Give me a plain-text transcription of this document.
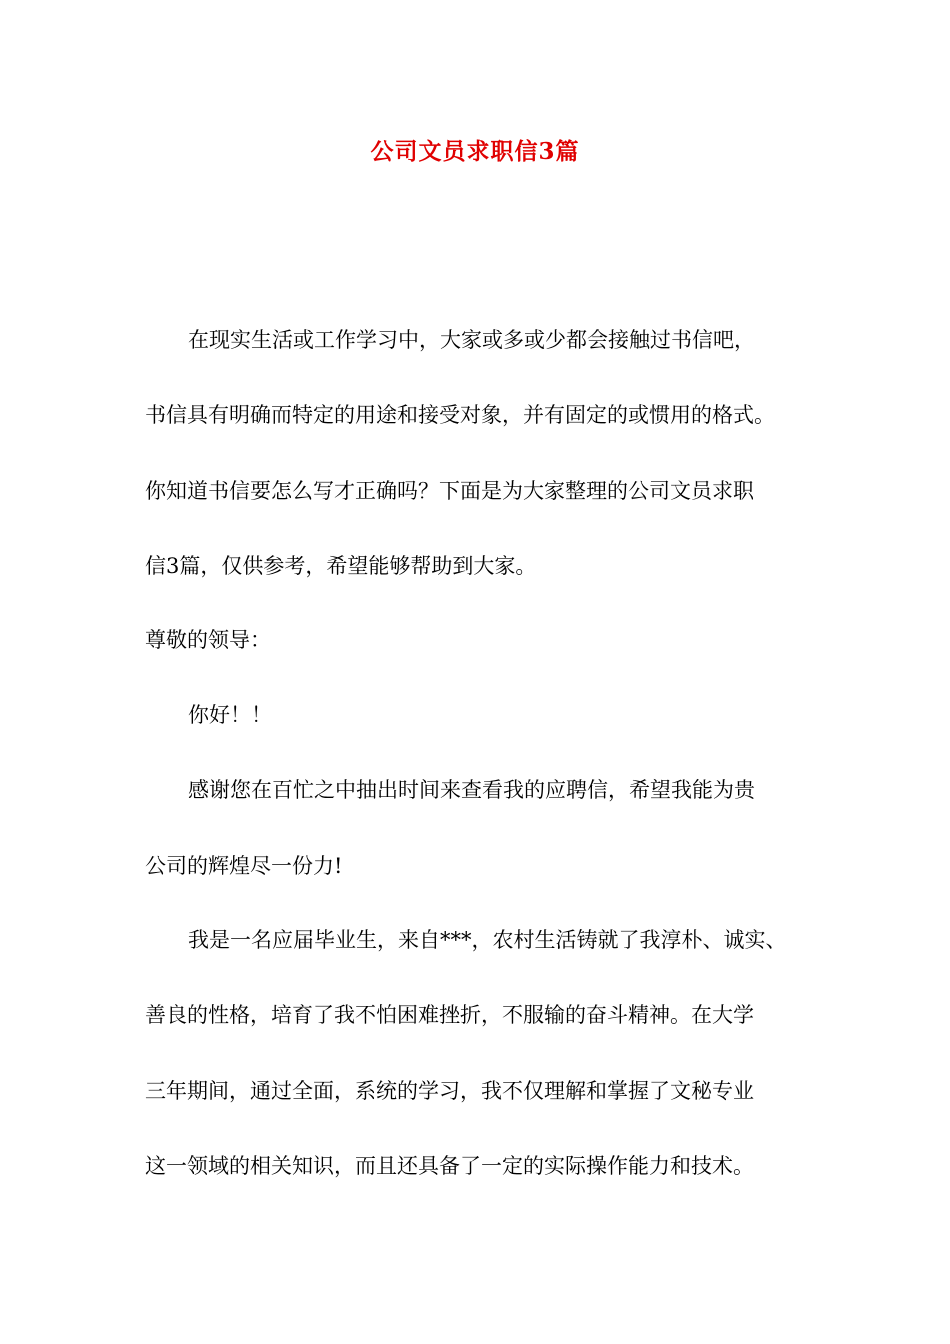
公司文员求职信3篇
在现实生活或工作学习中，大家或多或少都会接触过书信吧，
书信具有明确而特定的用途和接受对象，并有固定的或惯用的格式。
你知道书信要怎么写才正确吗？下面是为大家整理的公司文员求职
信3篇，仅供参考，希望能够帮助到大家。
尊敬的领导：
你好！！
感谢您在百忙之中抽出时间来查看我的应聘信，希望我能为贵
公司的辉煌尽一份力!
我是一名应届毕业生，来自***，农村生活铸就了我淳朴、诚实、
善良的性格，培育了我不怕困难挫折，不服输的奋斗精神。在大学
三年期间，通过全面，系统的学习，我不仅理解和掌握了文秘专业
这一领域的相关知识，而且还具备了一定的实际操作能力和技术。
